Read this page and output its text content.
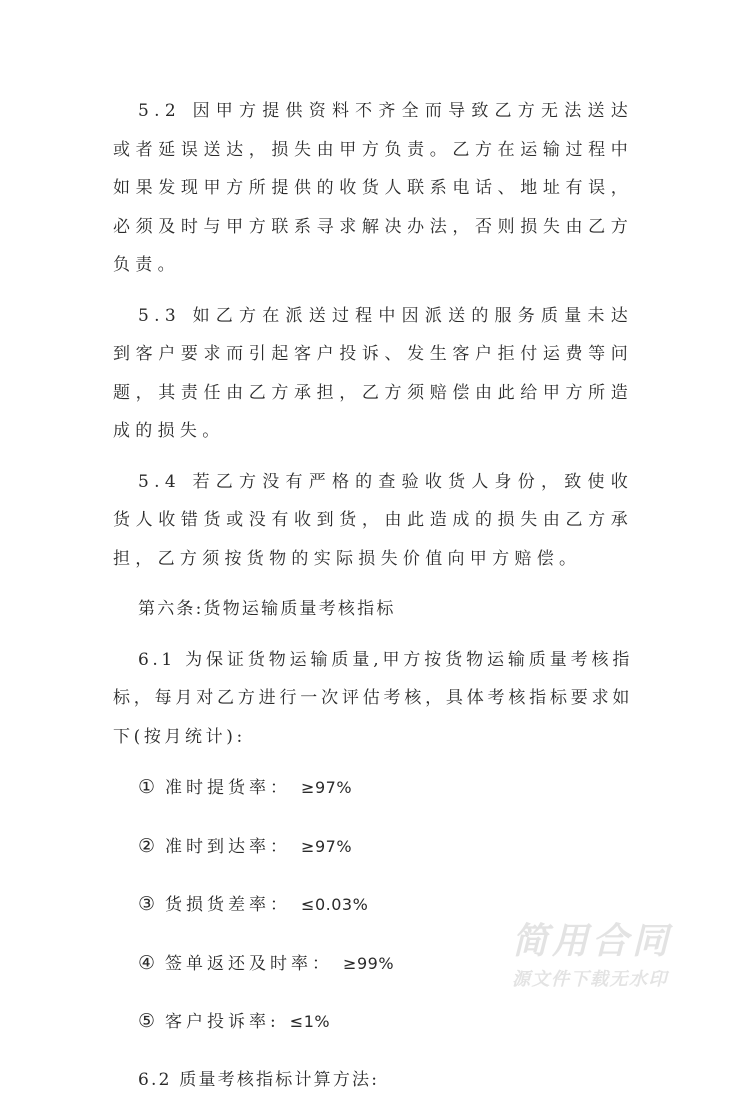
5.2 因甲方提供资料不齐全而导致乙方无法送达或者延误送达，损失由甲方负责。乙方在运输过程中如果发现甲方所提供的收货人联系电话、地址有误，必须及时与甲方联系寻求解决办法，否则损失由乙方负责。

5.3 如乙方在派送过程中因派送的服务质量未达到客户要求而引起客户投诉、发生客户拒付运费等问题，其责任由乙方承担，乙方须赔偿由此给甲方所造成的损失。

5.4 若乙方没有严格的查验收货人身份，致使收货人收错货或没有收到货，由此造成的损失由乙方承担，乙方须按货物的实际损失价值向甲方赔偿。

第六条:货物运输质量考核指标

6.1 为保证货物运输质量,甲方按货物运输质量考核指标，每月对乙方进行一次评估考核，具体考核指标要求如下(按月统计):

① 准时提货率： ≥97%
② 准时到达率： ≥97%
③ 货损货差率： ≤0.03%
④ 签单返还及时率： ≥99%
⑤ 客户投诉率: ≤1%

6.2 质量考核指标计算方法:

简用合同
源文件下载无水印
